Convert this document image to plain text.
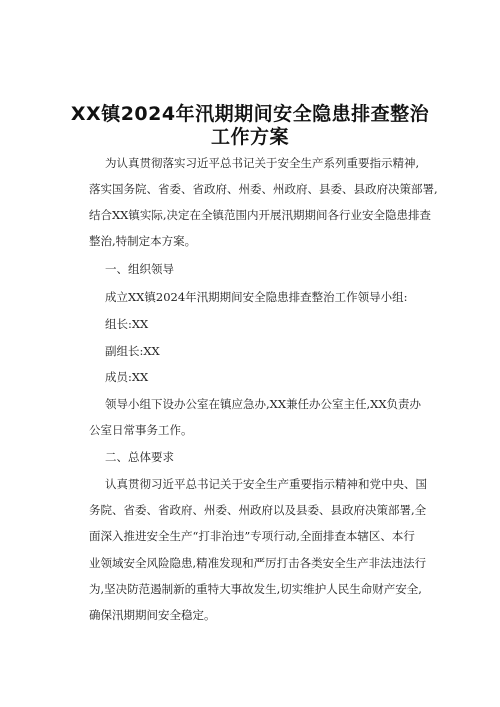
XX镇2024年汛期期间安全隐患排查整治
工作方案
为认真贯彻落实习近平总书记关于安全生产系列重要指示精神,
落实国务院、省委、省政府、州委、州政府、县委、县政府决策部署,
结合XX镇实际,决定在全镇范围内开展汛期期间各行业安全隐患排查
整治,特制定本方案。
一、组织领导
成立XX镇2024年汛期期间安全隐患排查整治工作领导小组:
组长:XX
副组长:XX
成员:XX
领导小组下设办公室在镇应急办,XX兼任办公室主任,XX负责办
公室日常事务工作。
二、总体要求
认真贯彻习近平总书记关于安全生产重要指示精神和党中央、国
务院、省委、省政府、州委、州政府以及县委、县政府决策部署,全
面深入推进安全生产“打非治违”专项行动,全面排查本辖区、本行
业领域安全风险隐患,精准发现和严厉打击各类安全生产非法违法行
为,坚决防范遏制新的重特大事故发生,切实维护人民生命财产安全,
确保汛期期间安全稳定。
